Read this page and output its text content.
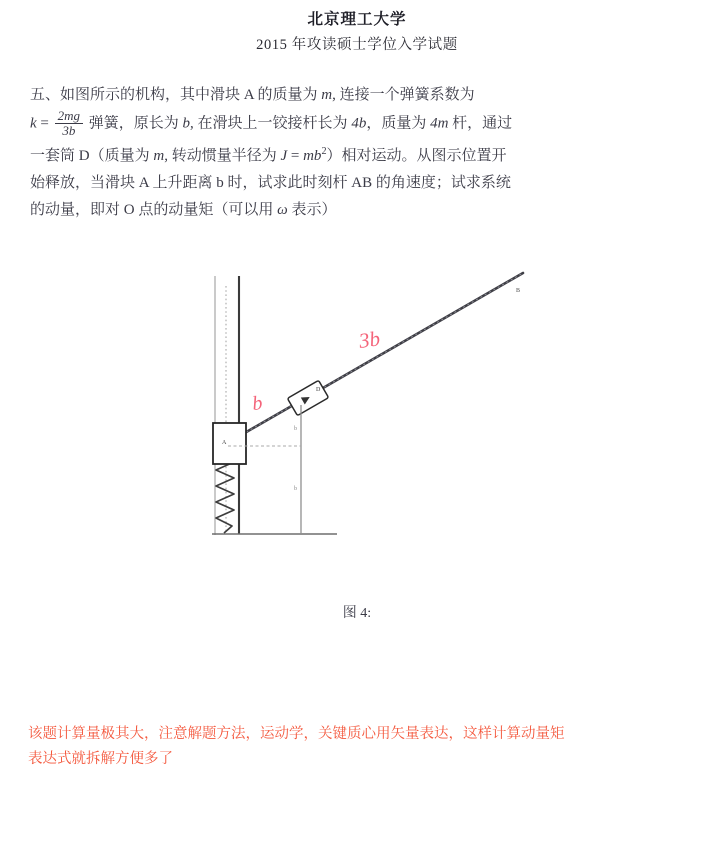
北京理工大学
2015 年攻读硕士学位入学试题
五、如图所示的机构，其中滑块 A 的质量为 m, 连接一个弹簧系数为
$k = \frac{2mg}{3b}$ 弹簧，原长为 b, 在滑块上一铰接杆长为 4b，质量为 4m 杆，通过
一套筒 D（质量为 m, 转动惯量半径为 $J = mb^2$）相对运动。从图示位置开
始释放，当滑块 A 上升距离 b 时，试求此时刻杆 AB 的角速度；试求系统
的动量，即对 O 点的动量矩（可以用 ω 表示）
A
D
B
b
b
3b
b
图 4:
该题计算量极其大，注意解题方法，运动学，关键质心用矢量表达，这样计算动量矩
表达式就拆解方便多了
